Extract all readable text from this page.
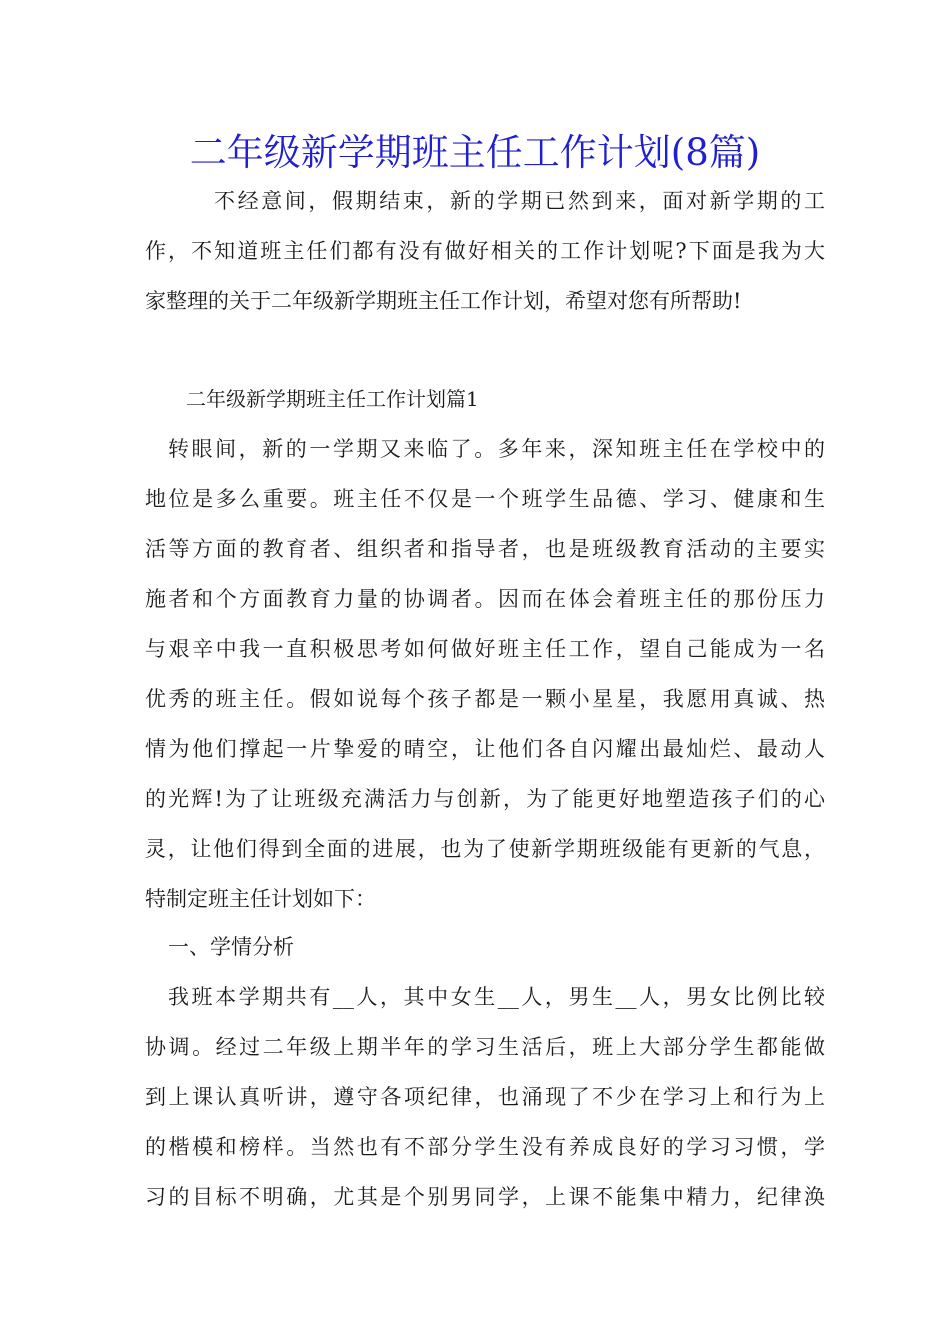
二年级新学期班主任工作计划(8篇)
不经意间，假期结束，新的学期已然到来，面对新学期的工
作，不知道班主任们都有没有做好相关的工作计划呢?下面是我为大
家整理的关于二年级新学期班主任工作计划，希望对您有所帮助!
二年级新学期班主任工作计划篇1
转眼间，新的一学期又来临了。多年来，深知班主任在学校中的
地位是多么重要。班主任不仅是一个班学生品德、学习、健康和生
活等方面的教育者、组织者和指导者，也是班级教育活动的主要实
施者和个方面教育力量的协调者。因而在体会着班主任的那份压力
与艰辛中我一直积极思考如何做好班主任工作，望自己能成为一名
优秀的班主任。假如说每个孩子都是一颗小星星，我愿用真诚、热
情为他们撑起一片挚爱的晴空，让他们各自闪耀出最灿烂、最动人
的光辉!为了让班级充满活力与创新，为了能更好地塑造孩子们的心
灵，让他们得到全面的进展，也为了使新学期班级能有更新的气息，
特制定班主任计划如下：
一、学情分析
我班本学期共有__人，其中女生__人，男生__人，男女比例比较
协调。经过二年级上期半年的学习生活后，班上大部分学生都能做
到上课认真听讲，遵守各项纪律，也涌现了不少在学习上和行为上
的楷模和榜样。当然也有不部分学生没有养成良好的学习习惯，学
习的目标不明确，尤其是个别男同学，上课不能集中精力，纪律涣
